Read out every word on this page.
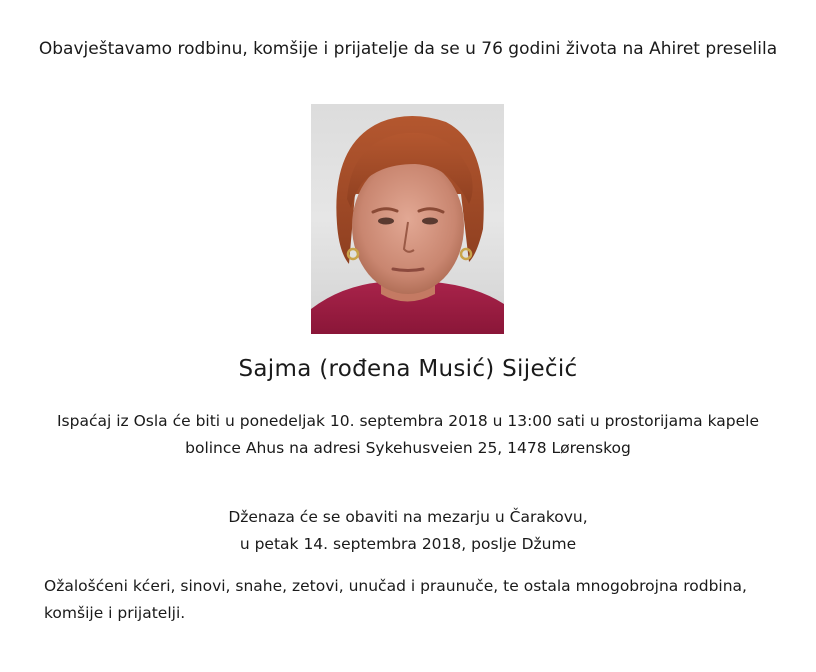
Obavještavamo rodbinu, komšije i prijatelje da se u 76 godini života na Ahiret preselila

Sajma (rođena Musić) Siječić

Ispaćaj iz Osla će biti u ponedeljak 10. septembra 2018 u 13:00 sati u prostorijama kapele
bolince Ahus na adresi Sykehusveien 25, 1478 Lørenskog

Dženaza će se obaviti na mezarju u Čarakovu,
u petak 14. septembra 2018, poslje Džume

Ožalošćeni kćeri, sinovi, snahe, zetovi, unučad i praunuče, te ostala mnogobrojna rodbina,
komšije i prijatelji.
